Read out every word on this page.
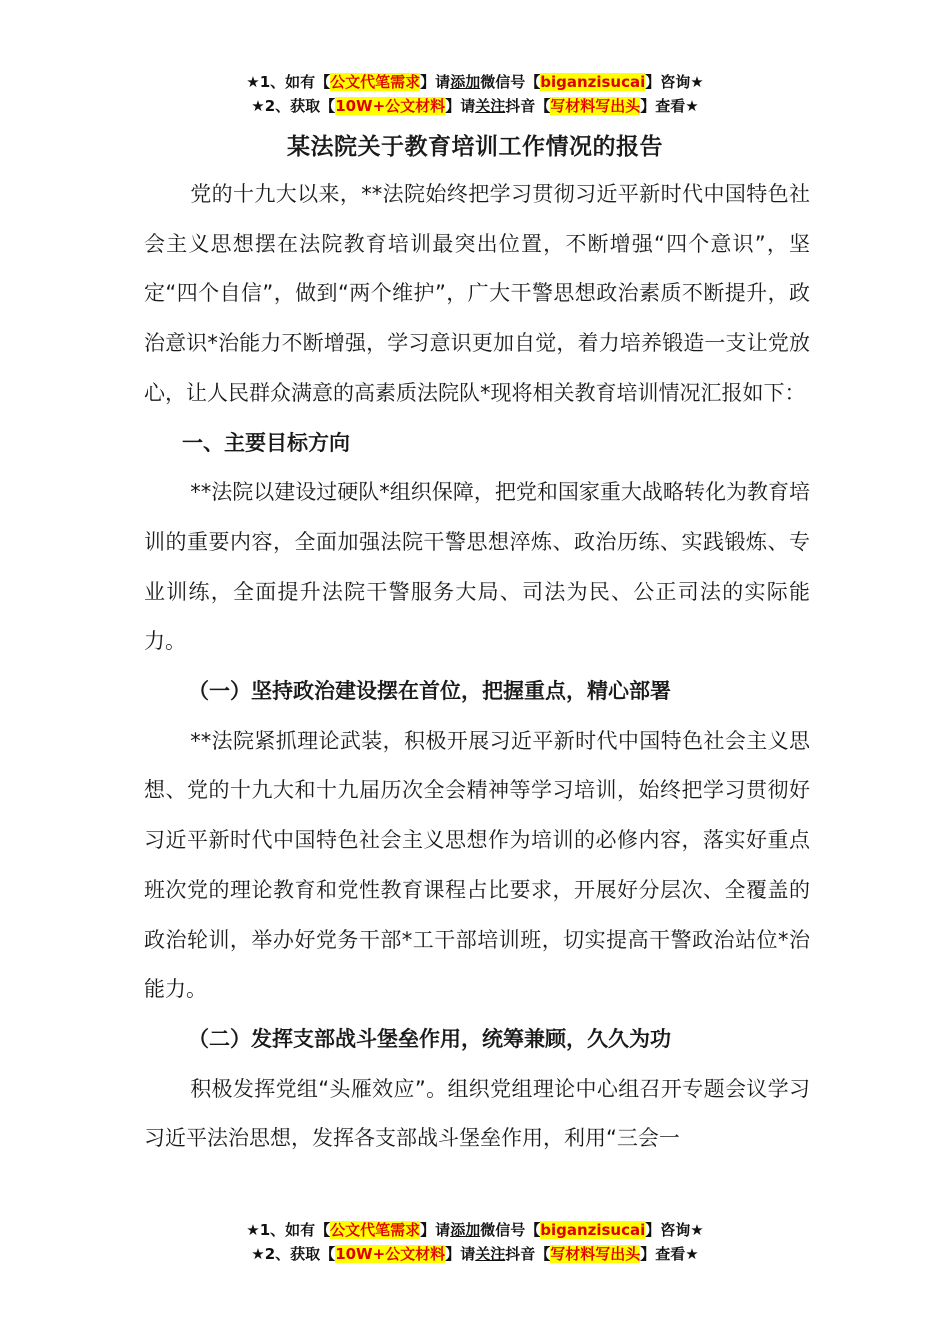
★1、如有【公文代笔需求】请添加微信号【biganzisucai】咨询★
★2、获取【10W+公文材料】请关注抖音【写材料写出头】查看★
某法院关于教育培训工作情况的报告

党的十九大以来，**法院始终把学习贯彻习近平新时代中国特色社会主义思想摆在法院教育培训最突出位置，不断增强“四个意识”，坚定“四个自信”，做到“两个维护”，广大干警思想政治素质不断提升，政治意识*治能力不断增强，学习意识更加自觉，着力培养锻造一支让党放心，让人民群众满意的高素质法院队*现将相关教育培训情况汇报如下：

一、主要目标方向

**法院以建设过硬队*组织保障，把党和国家重大战略转化为教育培训的重要内容，全面加强法院干警思想淬炼、政治历练、实践锻炼、专业训练，全面提升法院干警服务大局、司法为民、公正司法的实际能力。

（一）坚持政治建设摆在首位，把握重点，精心部署

**法院紧抓理论武装，积极开展习近平新时代中国特色社会主义思想、党的十九大和十九届历次全会精神等学习培训，始终把学习贯彻好习近平新时代中国特色社会主义思想作为培训的必修内容，落实好重点班次党的理论教育和党性教育课程占比要求，开展好分层次、全覆盖的政治轮训，举办好党务干部*工干部培训班，切实提高干警政治站位*治能力。

（二）发挥支部战斗堡垒作用，统筹兼顾，久久为功

积极发挥党组“头雁效应”。组织党组理论中心组召开专题会议学习习近平法治思想，发挥各支部战斗堡垒作用，利用“三会一

★1、如有【公文代笔需求】请添加微信号【biganzisucai】咨询★
★2、获取【10W+公文材料】请关注抖音【写材料写出头】查看★
